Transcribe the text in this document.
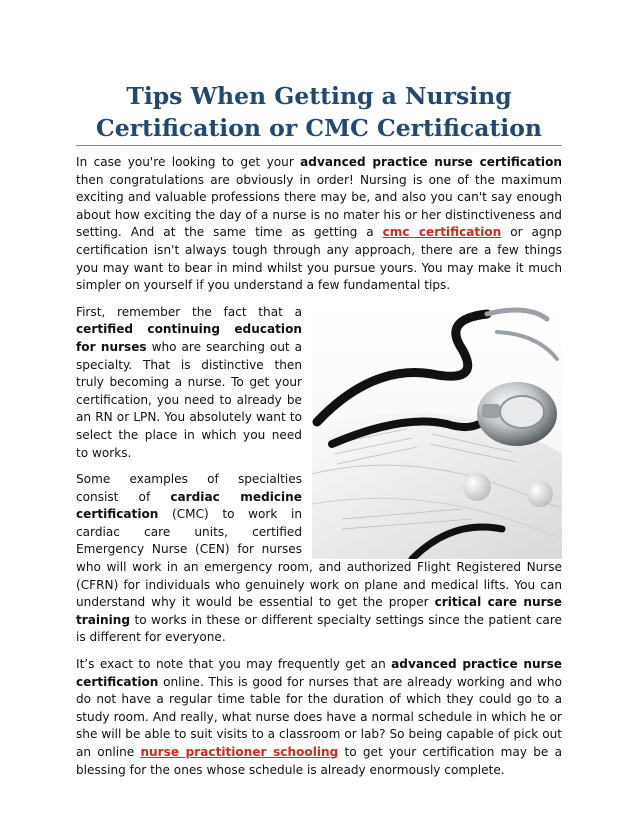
Tips When Getting a Nursing
Certification or CMC Certification

In case you're looking to get your advanced practice nurse certification then congratulations are obviously in order! Nursing is one of the maximum exciting and valuable professions there may be, and also you can't say enough about how exciting the day of a nurse is no mater his or her distinctiveness and setting. And at the same time as getting a cmc certification or agnp certification isn't always tough through any approach, there are a few things you may want to bear in mind whilst you pursue yours. You may make it much simpler on yourself if you understand a few fundamental tips.

First, remember the fact that a certified continuing education for nurses who are searching out a specialty. That is distinctive then truly becoming a nurse. To get your certification, you need to already be an RN or LPN. You absolutely want to select the place in which you need to works.

Some examples of specialties consist of cardiac medicine certification (CMC) to work in cardiac care units, certified Emergency Nurse (CEN) for nurses who will work in an emergency room, and authorized Flight Registered Nurse (CFRN) for individuals who genuinely work on plane and medical lifts. You can understand why it would be essential to get the proper critical care nurse training to works in these or different specialty settings since the patient care is different for everyone.

It’s exact to note that you may frequently get an advanced practice nurse certification online. This is good for nurses that are already working and who do not have a regular time table for the duration of which they could go to a study room. And really, what nurse does have a normal schedule in which he or she will be able to suit visits to a classroom or lab? So being capable of pick out an online nurse practitioner schooling to get your certification may be a blessing for the ones whose schedule is already enormously complete.
